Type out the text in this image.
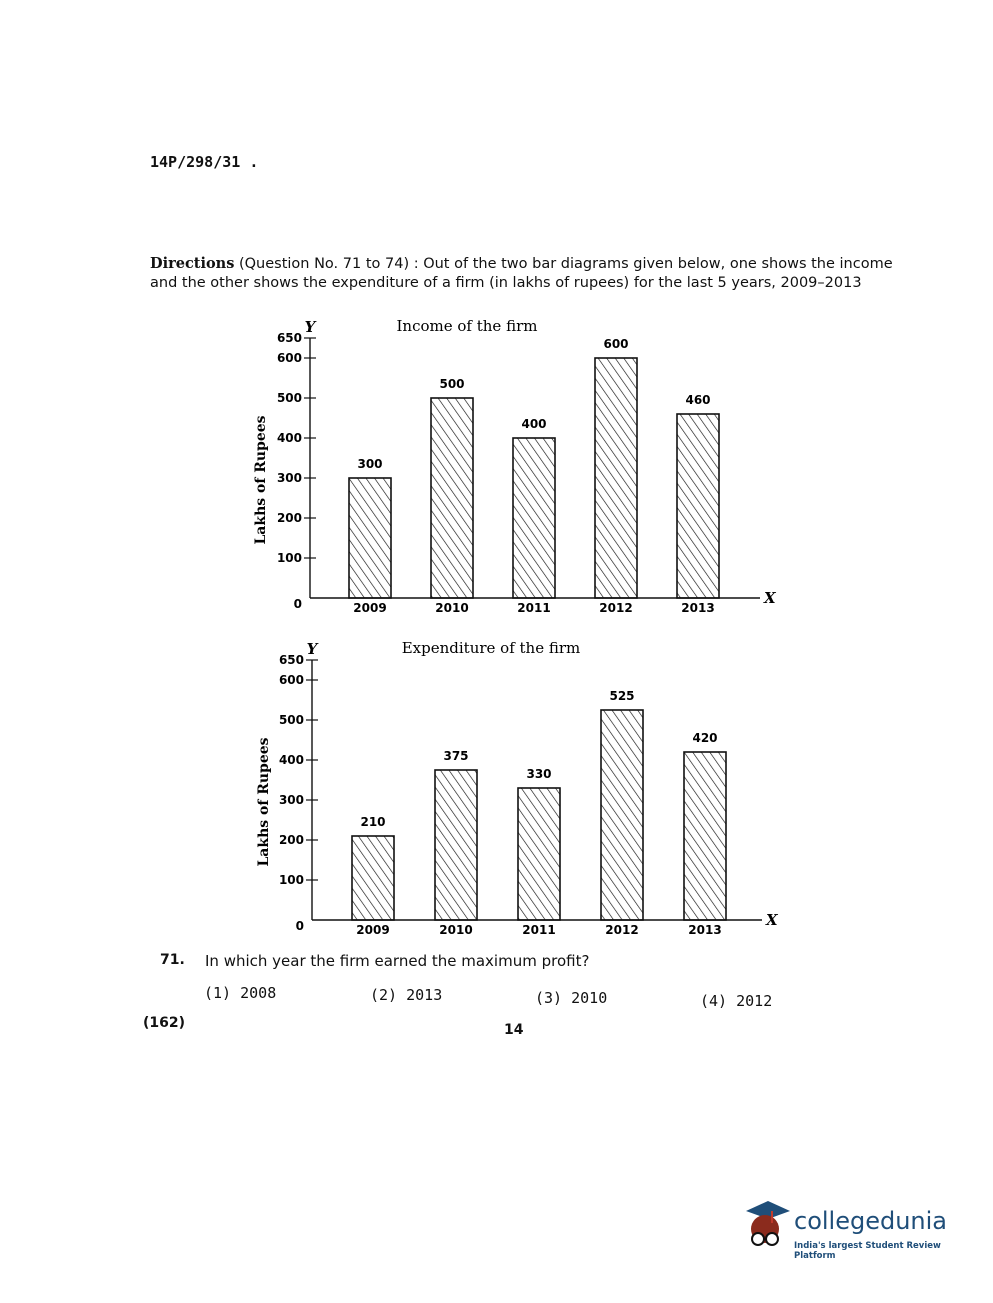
14P/298/31 .
Directions (Question No. 71 to 74) : Out of the two bar diagrams given below, one shows the income and the other shows the expenditure of a firm (in lakhs of rupees) for the last 5 years, 2009–2013
Income of the firm
Y
X
Lakhs of Rupees
0
100
200
300
400
500
600
650
300
2009
500
2010
400
2011
600
2012
460
2013
Expenditure of the firm
Y
X
Lakhs of Rupees
0
100
200
300
400
500
600
650
210
2009
375
2010
330
2011
525
2012
420
2013
71. In which year the firm earned the maximum profit?
(1) 2008	(2) 2013	(3) 2010	(4) 2012
(162)	14
collegedunia
India's largest Student Review Platform
